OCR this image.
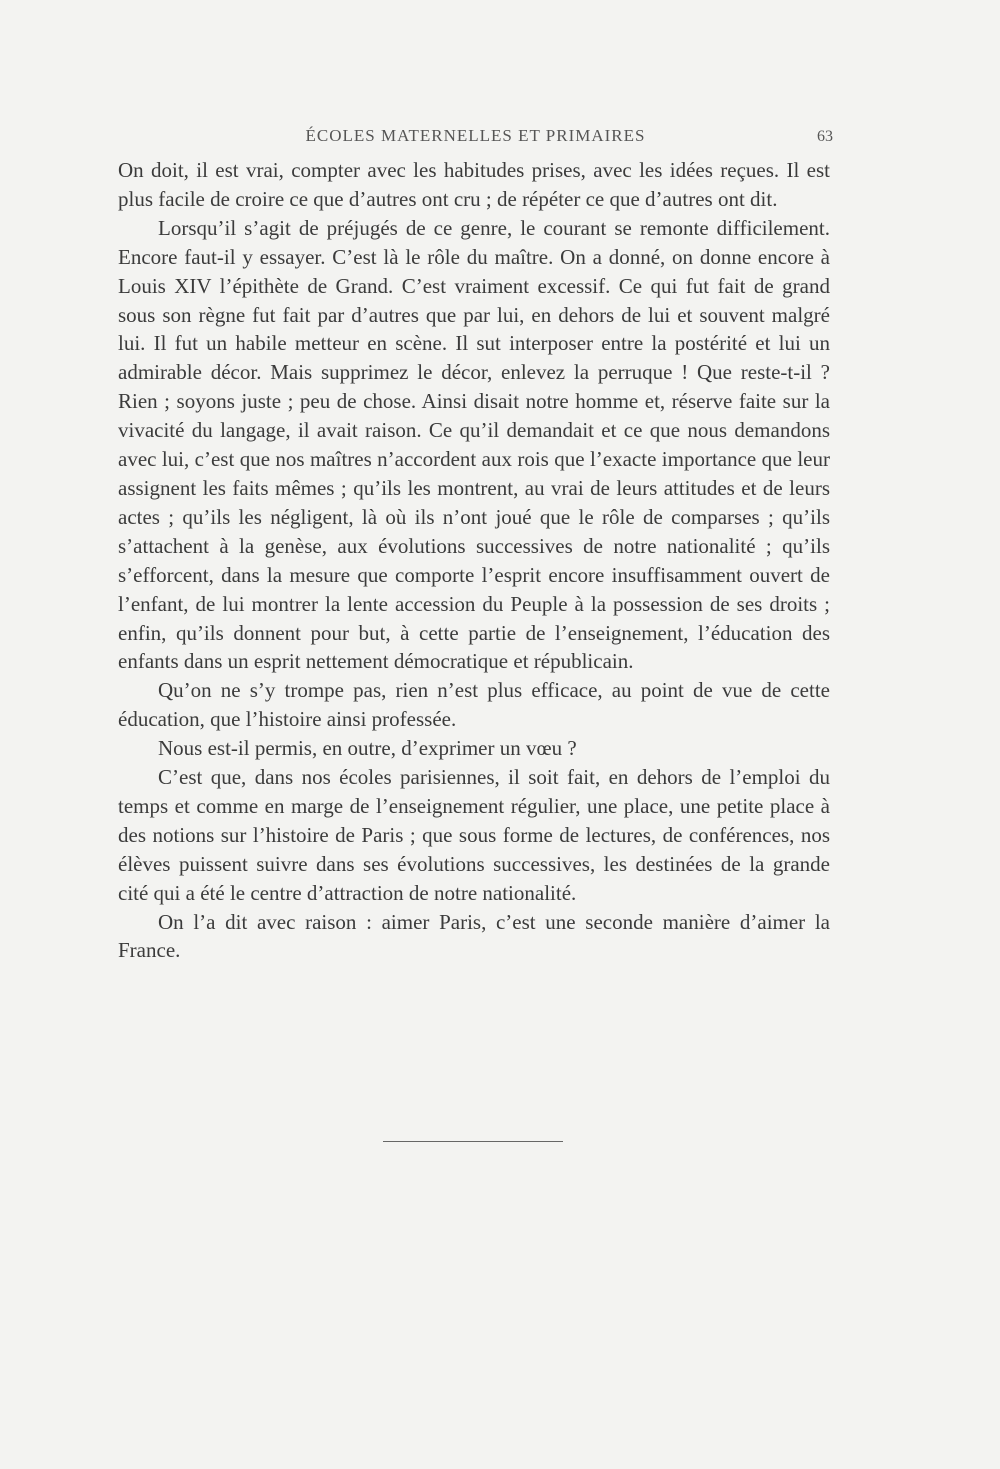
ÉCOLES MATERNELLES ET PRIMAIRES	63

On doit, il est vrai, compter avec les habitudes prises, avec les idées reçues. Il est plus facile de croire ce que d’autres ont cru ; de répéter ce que d’autres ont dit.

Lorsqu’il s’agit de préjugés de ce genre, le courant se remonte difficilement. Encore faut-il y essayer. C’est là le rôle du maître. On a donné, on donne encore à Louis XIV l’épithète de Grand. C’est vraiment excessif. Ce qui fut fait de grand sous son règne fut fait par d’autres que par lui, en dehors de lui et souvent malgré lui. Il fut un habile metteur en scène. Il sut interposer entre la postérité et lui un admirable décor. Mais supprimez le décor, enlevez la perruque ! Que reste-t-il ? Rien ; soyons juste ; peu de chose. Ainsi disait notre homme et, réserve faite sur la vivacité du langage, il avait raison. Ce qu’il demandait et ce que nous demandons avec lui, c’est que nos maîtres n’accordent aux rois que l’exacte importance que leur assignent les faits mêmes ; qu’ils les montrent, au vrai de leurs attitudes et de leurs actes ; qu’ils les négligent, là où ils n’ont joué que le rôle de comparses ; qu’ils s’attachent à la genèse, aux évolutions successives de notre nationalité ; qu’ils s’efforcent, dans la mesure que comporte l’esprit encore insuffisamment ouvert de l’enfant, de lui montrer la lente accession du Peuple à la possession de ses droits ; enfin, qu’ils donnent pour but, à cette partie de l’enseignement, l’éducation des enfants dans un esprit nettement démocratique et républicain.

Qu’on ne s’y trompe pas, rien n’est plus efficace, au point de vue de cette éducation, que l’histoire ainsi professée.

Nous est-il permis, en outre, d’exprimer un vœu ?

C’est que, dans nos écoles parisiennes, il soit fait, en dehors de l’emploi du temps et comme en marge de l’enseignement régulier, une place, une petite place à des notions sur l’histoire de Paris ; que sous forme de lectures, de conférences, nos élèves puissent suivre dans ses évolutions successives, les destinées de la grande cité qui a été le centre d’attraction de notre nationalité.

On l’a dit avec raison : aimer Paris, c’est une seconde manière d’aimer la France.
